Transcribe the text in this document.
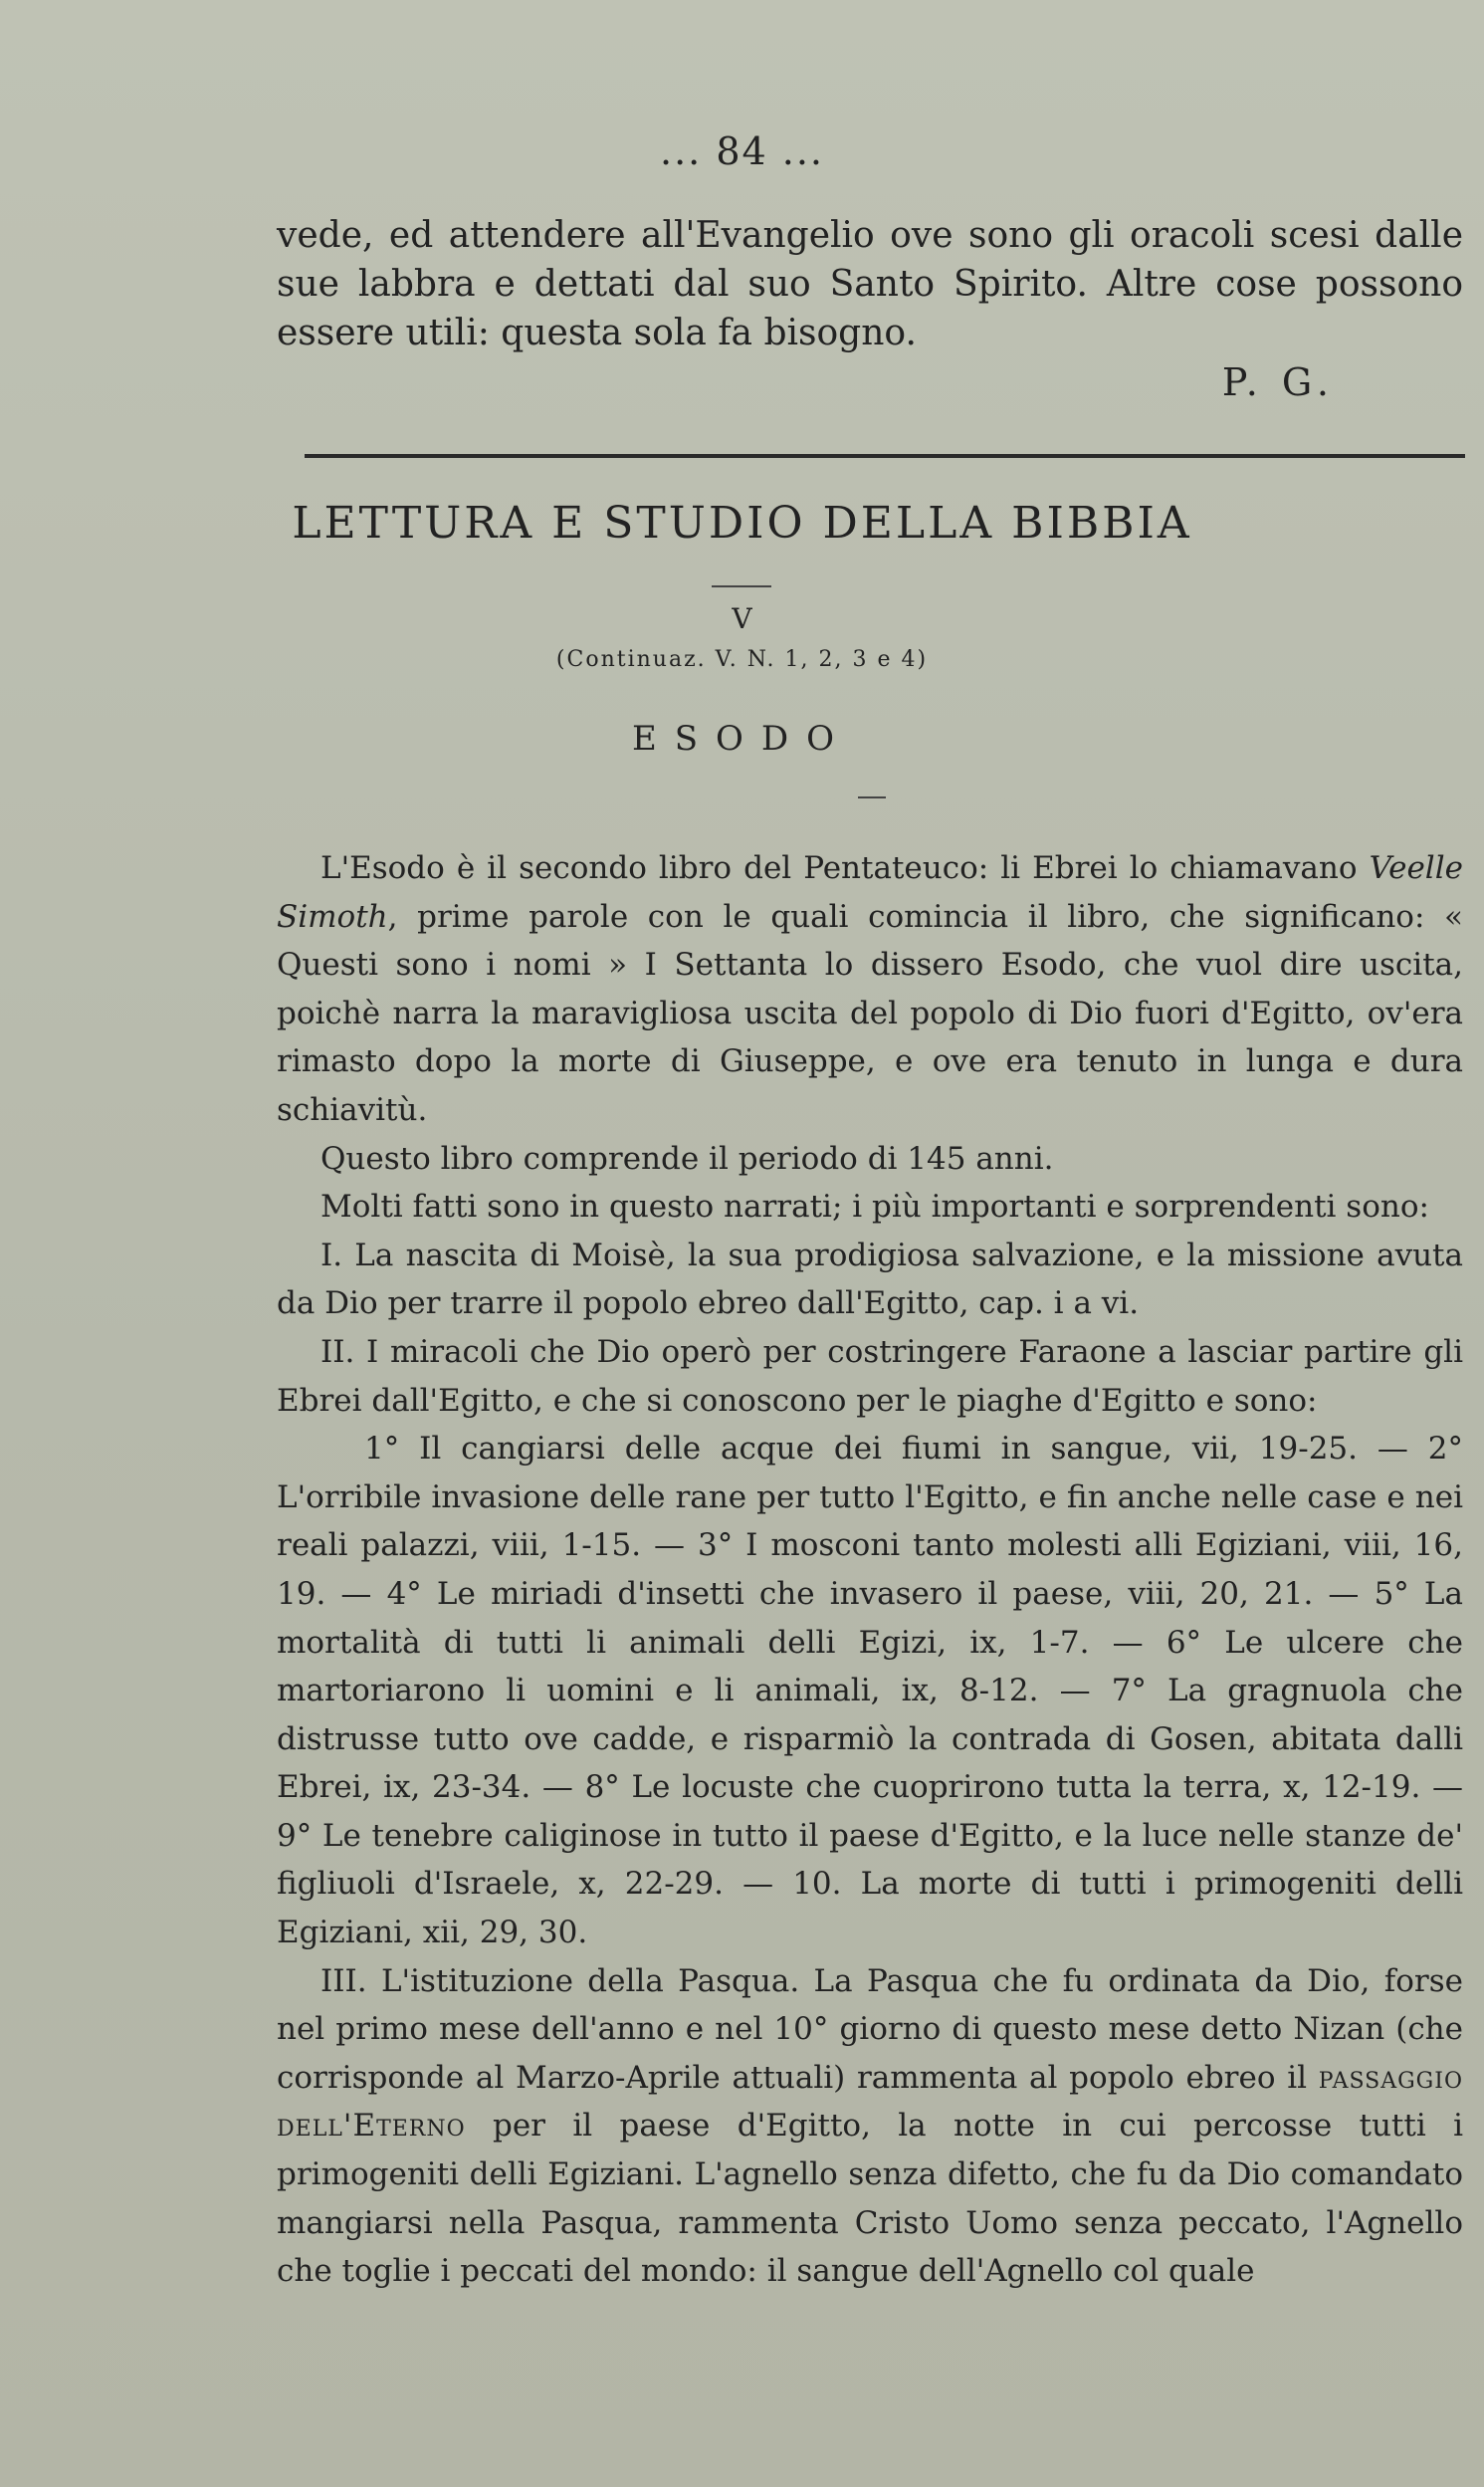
... 84 ...

vede, ed attendere all'Evangelio ove sono gli oracoli scesi dalle sue labbra e dettati dal suo Santo Spirito. Altre cose possono essere utili: questa sola fa bisogno.

P. G.
LETTURA E STUDIO DELLA BIBBIA
V
(Continuaz. V. N. 1, 2, 3 e 4)
ESODO

L'Esodo è il secondo libro del Pentateuco: li Ebrei lo chiamavano Veelle Simoth, prime parole con le quali comincia il libro, che significano: « Questi sono i nomi » I Settanta lo dissero Esodo, che vuol dire uscita, poichè narra la maravigliosa uscita del popolo di Dio fuori d'Egitto, ov'era rimasto dopo la morte di Giuseppe, e ove era tenuto in lunga e dura schiavitù.

Questo libro comprende il periodo di 145 anni.

Molti fatti sono in questo narrati; i più importanti e sorprendenti sono:

I. La nascita di Moisè, la sua prodigiosa salvazione, e la missione avuta da Dio per trarre il popolo ebreo dall'Egitto, cap. i a vi.

II. I miracoli che Dio operò per costringere Faraone a lasciar partire gli Ebrei dall'Egitto, e che si conoscono per le piaghe d'Egitto e sono:

1° Il cangiarsi delle acque dei fiumi in sangue, vii, 19-25. — 2° L'orribile invasione delle rane per tutto l'Egitto, e fin anche nelle case e nei reali palazzi, viii, 1-15. — 3° I mosconi tanto molesti alli Egiziani, viii, 16, 19. — 4° Le miriadi d'insetti che invasero il paese, viii, 20, 21. — 5° La mortalità di tutti li animali delli Egizi, ix, 1-7. — 6° Le ulcere che martoriarono li uomini e li animali, ix, 8-12. — 7° La gragnuola che distrusse tutto ove cadde, e risparmiò la contrada di Gosen, abitata dalli Ebrei, ix, 23-34. — 8° Le locuste che cuoprirono tutta la terra, x, 12-19. — 9° Le tenebre caliginose in tutto il paese d'Egitto, e la luce nelle stanze de' figliuoli d'Israele, x, 22-29. — 10. La morte di tutti i primogeniti delli Egiziani, xii, 29, 30.

III. L'istituzione della Pasqua. La Pasqua che fu ordinata da Dio, forse nel primo mese dell'anno e nel 10° giorno di questo mese detto Nizan (che corrisponde al Marzo-Aprile attuali) rammenta al popolo ebreo il passaggio dell'Eterno per il paese d'Egitto, la notte in cui percosse tutti i primogeniti delli Egiziani. L'agnello senza difetto, che fu da Dio comandato mangiarsi nella Pasqua, rammenta Cristo Uomo senza peccato, l'Agnello che toglie i peccati del mondo: il sangue dell'Agnello col quale
